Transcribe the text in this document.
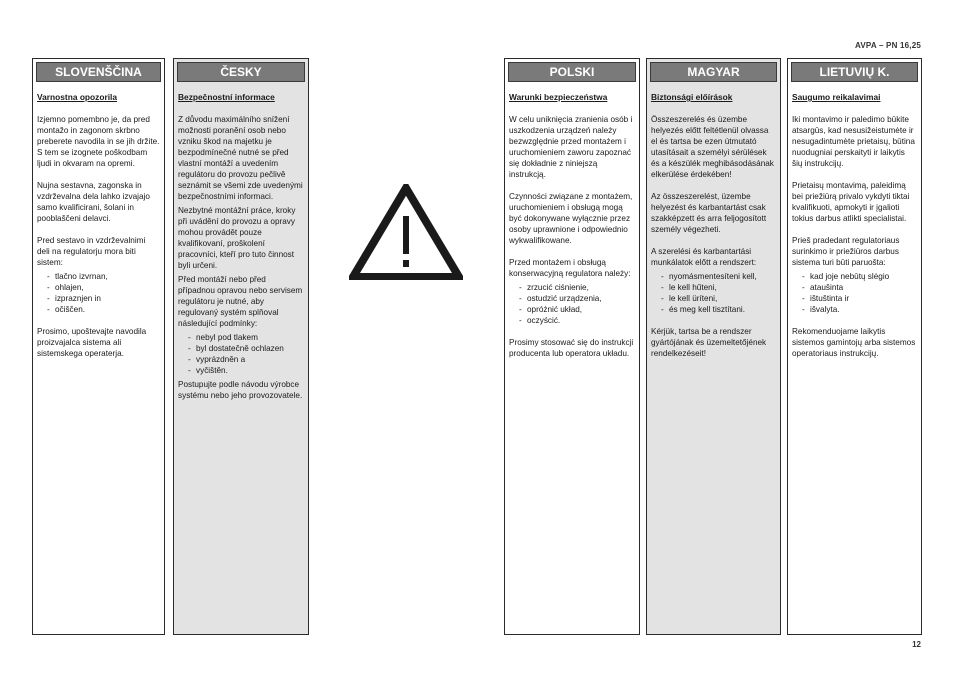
AVPA – PN 16,25
SLOVENŠČINA
Varnostna opozorila

Izjemno pomembno je, da pred montažo in zagonom skrbno preberete navodila in se jih držite. S tem se izognete poškodbam ljudi in okvaram na opremi.

Nujna sestavna, zagonska in vzdrževalna dela lahko izvajajo samo kvalificirani, šolani in pooblaščeni delavci.

Pred sestavo in vzdrževalnimi deli na regulatorju mora biti sistem:

- tlačno izvrnan,
- ohlajen,
- izpraznjen in
- očiščen.

Prosimo, upoštevajte navodila proizvajalca sistema ali sistemskega operaterja.

ČESKY
Bezpečnostní informace

Z důvodu maximálního snížení možnosti poranění osob nebo vzniku škod na majetku je bezpodmínečné nutné se před vlastní montáží a uvedením regulátoru do provozu pečlivě seznámit se všemi zde uvedenými bezpečnostními informaci.

Nezbytné montážní práce, kroky při uvádění do provozu a opravy mohou provádět pouze kvalifikovaní, proškolení pracovníci, kteří pro tuto činnost byli určeni.

Před montáží nebo před případnou opravou nebo servisem regulátoru je nutné, aby regulovaný systém splňoval následující podmínky:

- nebyl pod tlakem
- byl dostatečně ochlazen
- vyprázdněn a
- vyčištěn.

Postupujte podle návodu výrobce systému nebo jeho provozovatele.

POLSKI
Warunki bezpieczeństwa

W celu uniknięcia zranienia osób i uszkodzenia urządzeń należy bezwzględnie przed montażem i uruchomieniem zaworu zapoznać się dokładnie z niniejszą instrukcją.

Czynności związane z montażem, uruchomieniem i obsługą mogą być dokonywane wyłącznie przez osoby uprawnione i odpowiednio wykwalifikowane.

Przed montażem i obsługą konserwacyjną regulatora należy:

- zrzucić ciśnienie,
- ostudzić urządzenia,
- opróżnić układ,
- oczyścić.

Prosimy stosować się do instrukcji producenta lub operatora układu.

MAGYAR
Biztonsági előírások

Összeszerelés és üzembe helyezés előtt feltétlenül olvassa el és tartsa be ezen útmutató utasításait a személyi sérülések és a készülék meghibásodásának elkerülése érdekében!

Az összeszerelést, üzembe helyezést és karbantartást csak szakképzett és arra feljogosított személy végezheti.

A szerelési és karbantartási munkálatok előtt a rendszert:

- nyomásmentesíteni kell,
- le kell hűteni,
- le kell üríteni,
- és meg kell tisztítani.

Kérjük, tartsa be a rendszer gyártójának és üzemeltetőjének rendelkezéseit!

LIETUVIŲ K.
Saugumo reikalavimai

Iki montavimo ir paledimo būkite atsargūs, kad nesusižeistumėte ir nesugadintumėte prietaisų, būtina nuodugniai perskaityti ir laikytis šių instrukcijų.

Prietaisų montavimą, paleidimą bei priežiūrą privalo vykdyti tiktai kvalifikuoti, apmokyti ir įgalioti tokius darbus atlikti specialistai.

Prieš pradedant regulatoriaus surinkimo ir priežiūros darbus sistema turi būti paruošta:

- kad joje nebūtų slėgio
- ataušinta
- ištuštinta ir
- išvalyta.

Rekomenduojame laikytis sistemos gamintojų arba sistemos operatoriaus instrukcijų.

12
